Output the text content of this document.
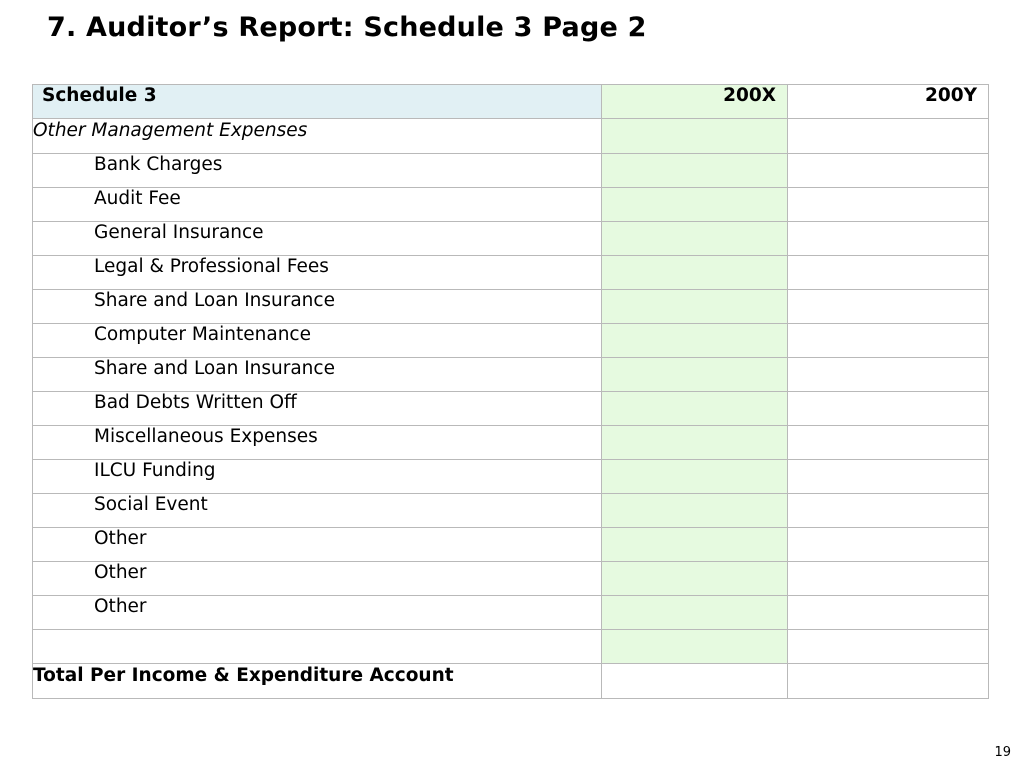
7. Auditor’s Report: Schedule 3 Page 2
Schedule 3	200X	200Y
Other Management Expenses		
Bank Charges		
Audit Fee		
General Insurance		
Legal & Professional Fees		
Share and Loan Insurance		
Computer Maintenance		
Share and Loan Insurance		
Bad Debts Written Off		
Miscellaneous Expenses		
ILCU Funding		
Social Event		
Other		
Other		
Other		

Total Per Income & Expenditure Account		
19
